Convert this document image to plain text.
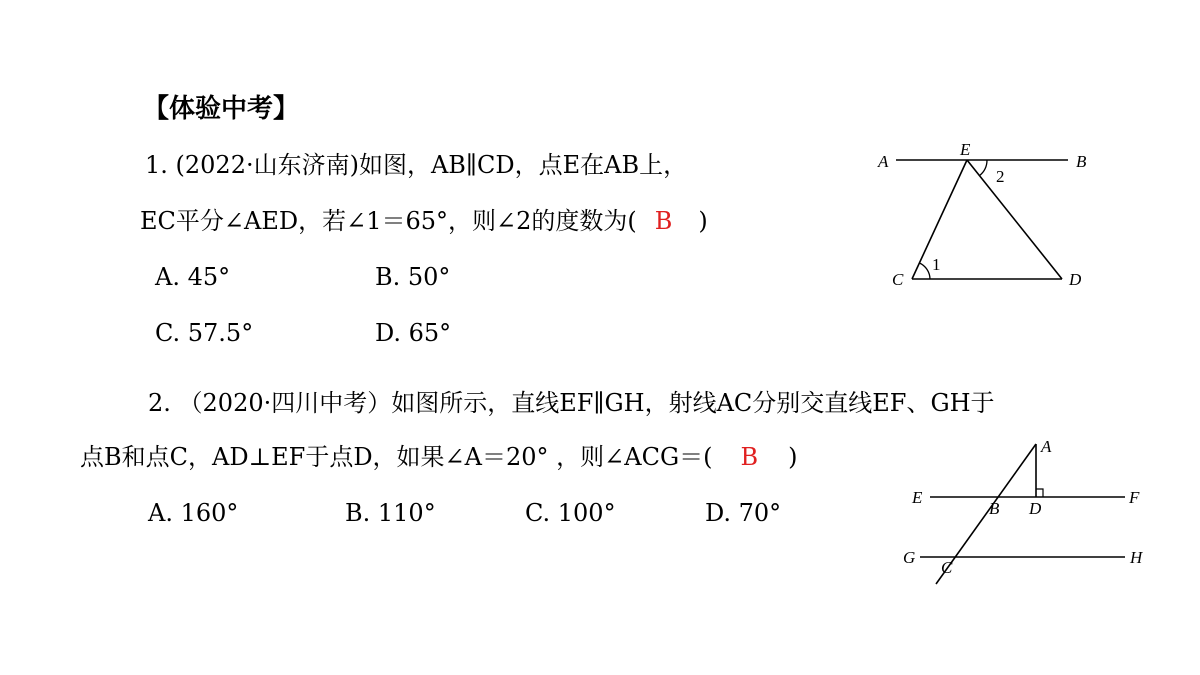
【体验中考】
1. (2022·山东济南)如图，AB∥CD，点E在AB上，
EC平分∠AED，若∠1＝65°，则∠2的度数为( B )
A. 45°	B. 50°
C. 57.5°	D. 65°
A	B
E
C	D
1
2
2. （2020·四川中考）如图所示，直线EF∥GH，射线AC分别交直线EF、GH于
点B和点C，AD⊥EF于点D，如果∠A＝20° ，则∠ACG＝( B )
A. 160°	B. 110°	C. 100°	D. 70°
A
E	F
B D
G
C
H
